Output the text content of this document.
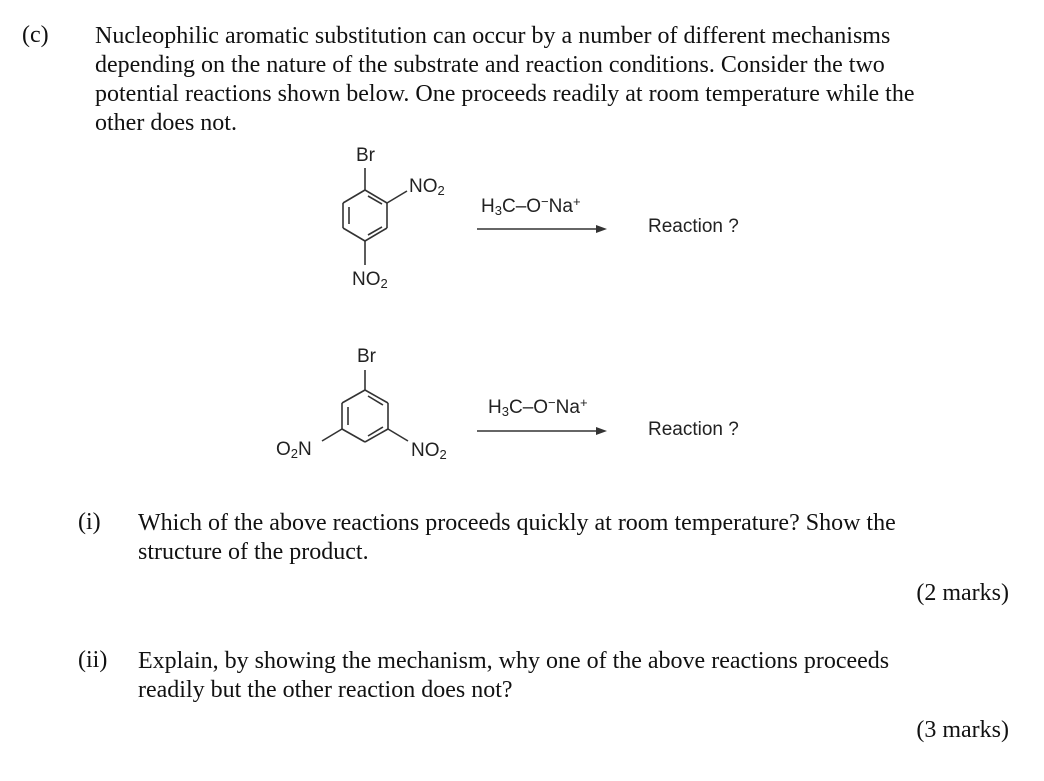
(c) Nucleophilic aromatic substitution can occur by a number of different mechanisms
depending on the nature of the substrate and reaction conditions. Consider the two
potential reactions shown below. One proceeds readily at room temperature while the
other does not.
Br
$NO_2$
$NO_2$
$H_3C-O^-Na^+$
Reaction ?
Br
$O_2N$	$NO_2$
$H_3C-O^-Na^+$
Reaction ?
(i) Which of the above reactions proceeds quickly at room temperature? Show the
structure of the product.
(2 marks)
(ii) Explain, by showing the mechanism, why one of the above reactions proceeds
readily but the other reaction does not?
(3 marks)
